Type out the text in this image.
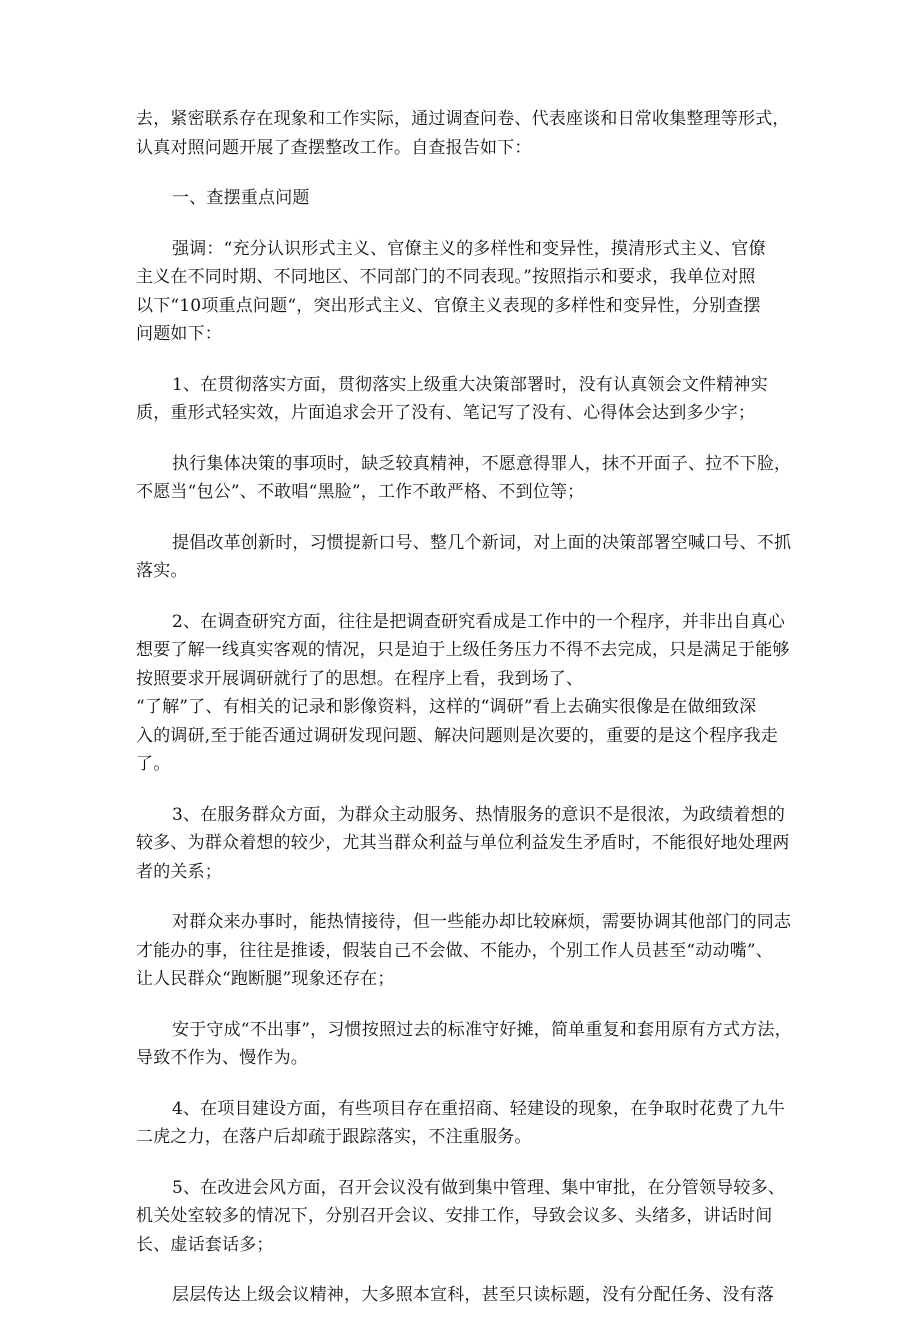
去，紧密联系存在现象和工作实际，通过调查问卷、代表座谈和日常收集整理等形式，
认真对照问题开展了查摆整改工作。自查报告如下：

一、查摆重点问题

强调：“充分认识形式主义、官僚主义的多样性和变异性，摸清形式主义、官僚
主义在不同时期、不同地区、不同部门的不同表现。”按照指示和要求，我单位对照
以下“10项重点问题“，突出形式主义、官僚主义表现的多样性和变异性，分别查摆
问题如下：

1、在贯彻落实方面，贯彻落实上级重大决策部署时，没有认真领会文件精神实
质，重形式轻实效，片面追求会开了没有、笔记写了没有、心得体会达到多少字；

执行集体决策的事项时，缺乏较真精神，不愿意得罪人，抹不开面子、拉不下脸，
不愿当“包公”、不敢唱“黑脸”，工作不敢严格、不到位等；

提倡改革创新时，习惯提新口号、整几个新词，对上面的决策部署空喊口号、不抓
落实。

2、在调查研究方面，往往是把调查研究看成是工作中的一个程序，并非出自真心
想要了解一线真实客观的情况，只是迫于上级任务压力不得不去完成，只是满足于能够
按照要求开展调研就行了的思想。在程序上看，我到场了、
“了解”了、有相关的记录和影像资料，这样的“调研”看上去确实很像是在做细致深
入的调研,至于能否通过调研发现问题、解决问题则是次要的，重要的是这个程序我走
了。

3、在服务群众方面，为群众主动服务、热情服务的意识不是很浓，为政绩着想的
较多、为群众着想的较少，尤其当群众利益与单位利益发生矛盾时，不能很好地处理两
者的关系；

对群众来办事时，能热情接待，但一些能办却比较麻烦，需要协调其他部门的同志
才能办的事，往往是推诿，假装自己不会做、不能办，个别工作人员甚至“动动嘴”、
让人民群众“跑断腿”现象还存在；

安于守成“不出事”，习惯按照过去的标准守好摊，简单重复和套用原有方式方法，
导致不作为、慢作为。

4、在项目建设方面，有些项目存在重招商、轻建设的现象，在争取时花费了九牛
二虎之力，在落户后却疏于跟踪落实，不注重服务。

5、在改进会风方面，召开会议没有做到集中管理、集中审批，在分管领导较多、
机关处室较多的情况下，分别召开会议、安排工作，导致会议多、头绪多，讲话时间
长、虚话套话多；

层层传达上级会议精神，大多照本宣科，甚至只读标题，没有分配任务、没有落
